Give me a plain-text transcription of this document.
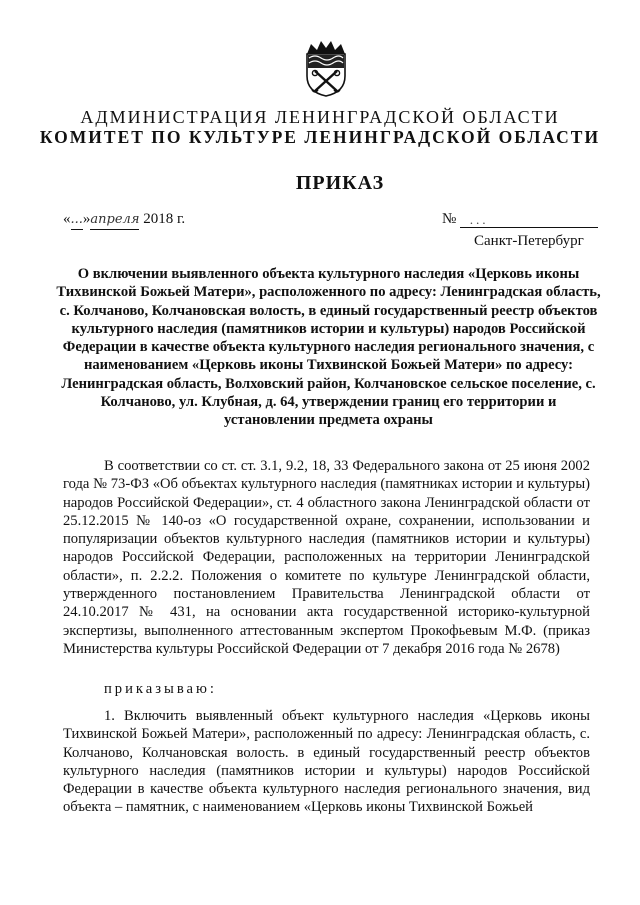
АДМИНИСТРАЦИЯ ЛЕНИНГРАДСКОЙ ОБЛАСТИ
КОМИТЕТ ПО КУЛЬТУРЕ ЛЕНИНГРАДСКОЙ ОБЛАСТИ
ПРИКАЗ
«...»апреля 2018 г.	№ ...
Санкт-Петербург
О включении выявленного объекта культурного наследия «Церковь иконы Тихвинской Божьей Матери», расположенного по адресу: Ленинградская область, с. Колчаново, Колчановская волость, в единый государственный реестр объектов культурного наследия (памятников истории и культуры) народов Российской Федерации в качестве объекта культурного наследия регионального значения, с наименованием «Церковь иконы Тихвинской Божьей Матери» по адресу: Ленинградская область, Волховский район, Колчановское сельское поселение, с. Колчаново, ул. Клубная, д. 64, утверждении границ его территории и установлении предмета охраны
В соответствии со ст. ст. 3.1, 9.2, 18, 33 Федерального закона от 25 июня 2002 года № 73-ФЗ «Об объектах культурного наследия (памятниках истории и культуры) народов Российской Федерации», ст. 4 областного закона Ленинградской области от 25.12.2015 № 140-оз «О государственной охране, сохранении, использовании и популяризации объектов культурного наследия (памятников истории и культуры) народов Российской Федерации, расположенных на территории Ленинградской области», п. 2.2.2. Положения о комитете по культуре Ленинградской области, утвержденного постановлением Правительства Ленинградской области от 24.10.2017 № 431, на основании акта государственной историко-культурной экспертизы, выполненного аттестованным экспертом Прокофьевым М.Ф. (приказ Министерства культуры Российской Федерации от 7 декабря 2016 года № 2678)
приказываю:
1. Включить выявленный объект культурного наследия «Церковь иконы Тихвинской Божьей Матери», расположенный по адресу: Ленинградская область, с. Колчаново, Колчановская волость. в единый государственный реестр объектов культурного наследия (памятников истории и культуры) народов Российской Федерации в качестве объекта культурного наследия регионального значения, вид объекта – памятник, с наименованием «Церковь иконы Тихвинской Божьей
